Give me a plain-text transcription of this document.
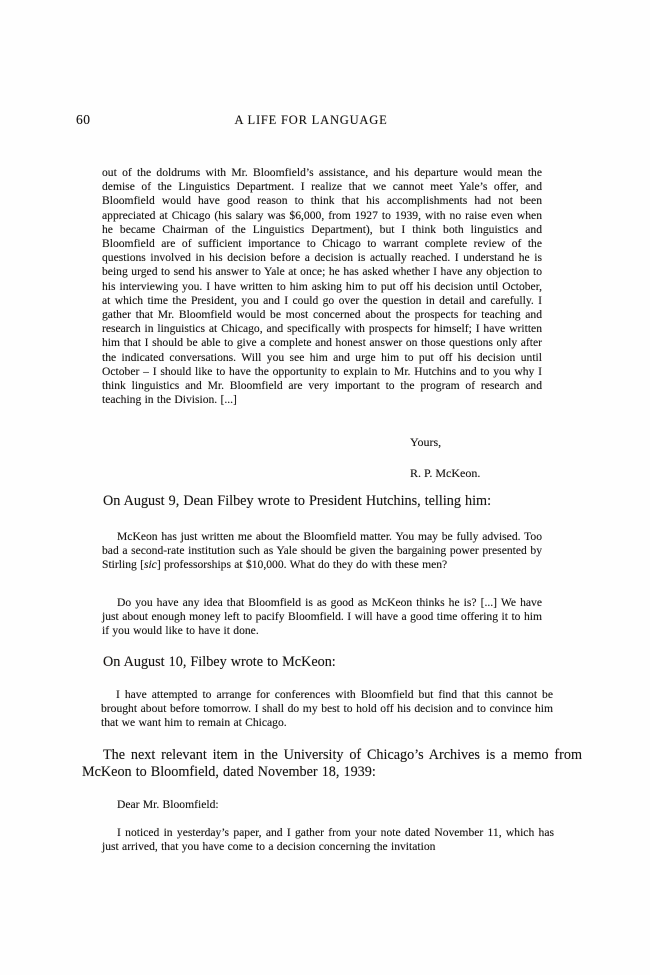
60	A LIFE FOR LANGUAGE
out of the doldrums with Mr. Bloomfield’s assistance, and his departure would mean the demise of the Linguistics Department. I realize that we cannot meet Yale’s offer, and Bloomfield would have good reason to think that his accomplishments had not been appreciated at Chicago (his salary was $6,000, from 1927 to 1939, with no raise even when he became Chairman of the Linguistics Department), but I think both linguistics and Bloomfield are of sufficient importance to Chicago to warrant complete review of the questions involved in his decision before a decision is actually reached. I understand he is being urged to send his answer to Yale at once; he has asked whether I have any objection to his interviewing you. I have written to him asking him to put off his decision until October, at which time the President, you and I could go over the question in detail and carefully. I gather that Mr. Bloomfield would be most concerned about the prospects for teaching and research in linguistics at Chicago, and specifically with prospects for himself; I have written him that I should be able to give a complete and honest answer on those questions only after the indicated conversations. Will you see him and urge him to put off his decision until October – I should like to have the opportunity to explain to Mr. Hutchins and to you why I think linguistics and Mr. Bloomfield are very important to the program of research and teaching in the Division. [...]
Yours,
R. P. McKeon.
On August 9, Dean Filbey wrote to President Hutchins, telling him:
McKeon has just written me about the Bloomfield matter. You may be fully advised. Too bad a second-rate institution such as Yale should be given the bargaining power presented by Stirling [sic] professorships at $10,000. What do they do with these men?
Do you have any idea that Bloomfield is as good as McKeon thinks he is? [...] We have just about enough money left to pacify Bloomfield. I will have a good time offering it to him if you would like to have it done.
On August 10, Filbey wrote to McKeon:
I have attempted to arrange for conferences with Bloomfield but find that this cannot be brought about before tomorrow. I shall do my best to hold off his decision and to convince him that we want him to remain at Chicago.
The next relevant item in the University of Chicago’s Archives is a memo from McKeon to Bloomfield, dated November 18, 1939:
Dear Mr. Bloomfield:
I noticed in yesterday’s paper, and I gather from your note dated November 11, which has just arrived, that you have come to a decision concerning the invitation
